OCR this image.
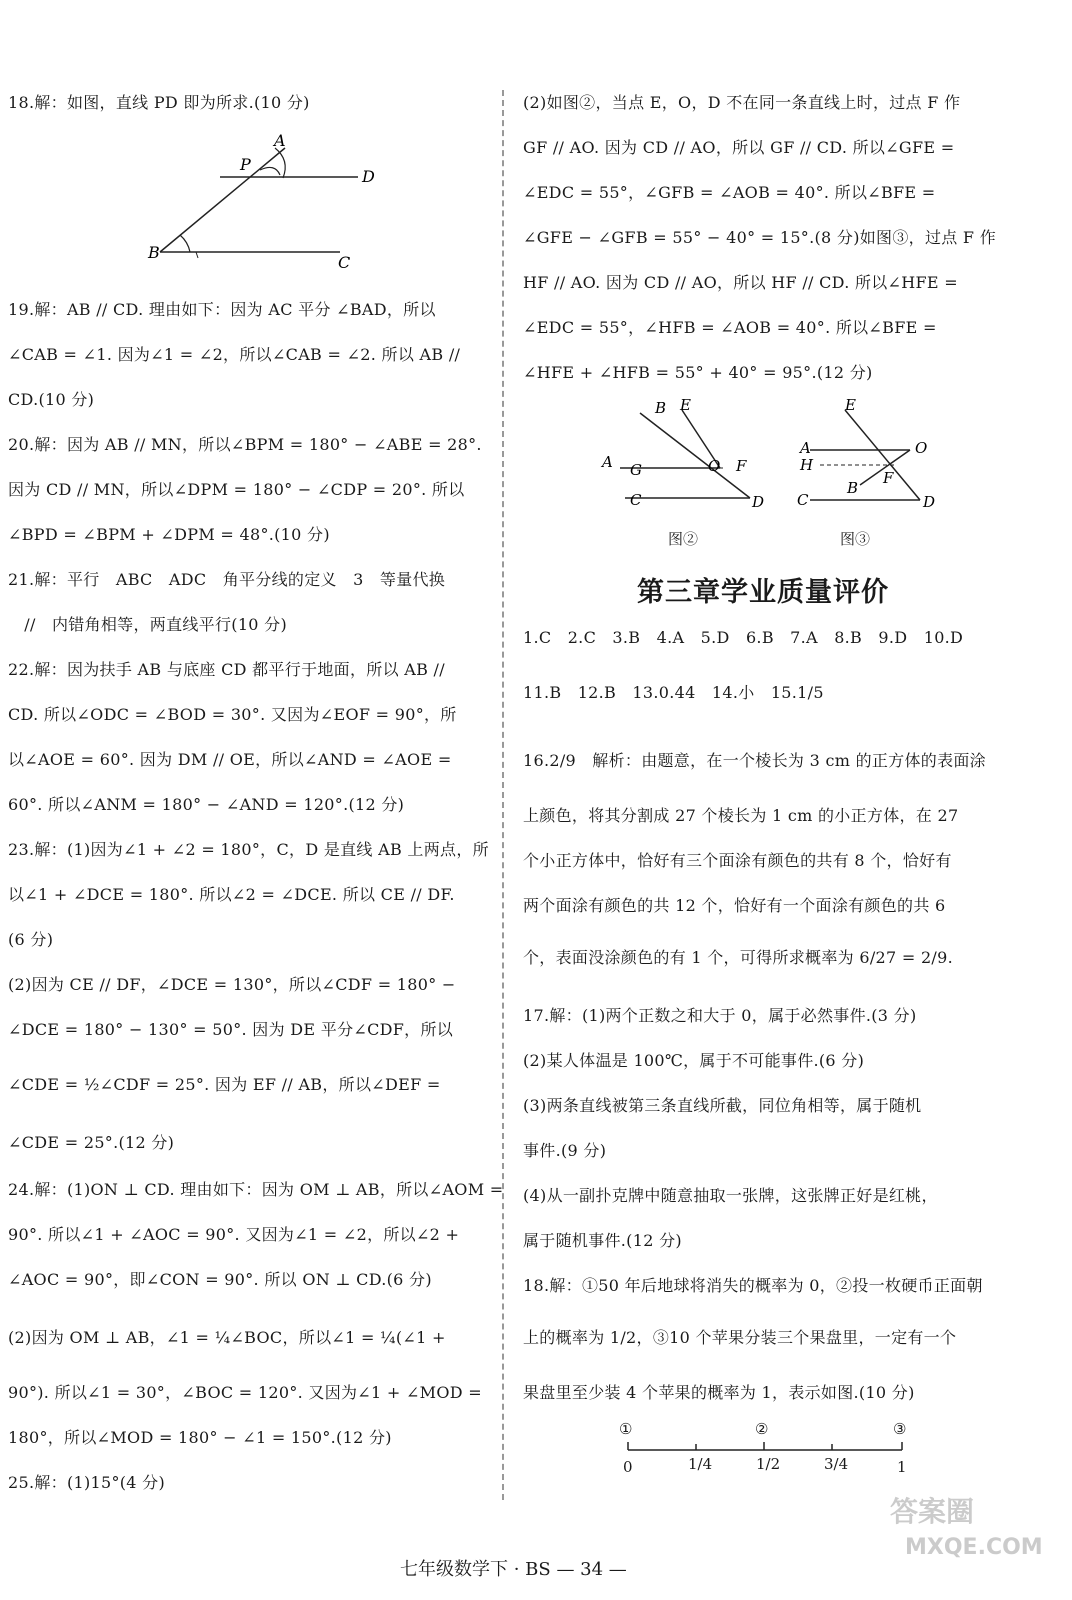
18.解：如图，直线 PD 即为所求.(10 分)
19.解：AB // CD. 理由如下：因为 AC 平分 ∠BAD，所以
∠CAB = ∠1. 因为∠1 = ∠2，所以∠CAB = ∠2. 所以 AB //
CD.(10 分)
20.解：因为 AB // MN，所以∠BPM = 180° − ∠ABE = 28°.
因为 CD // MN，所以∠DPM = 180° − ∠CDP = 20°. 所以
∠BPD = ∠BPM + ∠DPM = 48°.(10 分)
21.解：平行　ABC　ADC　角平分线的定义　3　等量代换
　//　内错角相等，两直线平行(10 分)
22.解：因为扶手 AB 与底座 CD 都平行于地面，所以 AB //
CD. 所以∠ODC = ∠BOD = 30°. 又因为∠EOF = 90°，所
以∠AOE = 60°. 因为 DM // OE，所以∠AND = ∠AOE =
60°. 所以∠ANM = 180° − ∠AND = 120°.(12 分)
23.解：(1)因为∠1 + ∠2 = 180°，C，D 是直线 AB 上两点，所
以∠1 + ∠DCE = 180°. 所以∠2 = ∠DCE. 所以 CE // DF.
(6 分)
(2)因为 CE // DF，∠DCE = 130°，所以∠CDF = 180° −
∠DCE = 180° − 130° = 50°. 因为 DE 平分∠CDF，所以
∠CDE = ½∠CDF = 25°. 因为 EF // AB，所以∠DEF =
∠CDE = 25°.(12 分)
24.解：(1)ON ⊥ CD. 理由如下：因为 OM ⊥ AB，所以∠AOM =
90°. 所以∠1 + ∠AOC = 90°. 又因为∠1 = ∠2，所以∠2 +
∠AOC = 90°，即∠CON = 90°. 所以 ON ⊥ CD.(6 分)
(2)因为 OM ⊥ AB，∠1 = ¼∠BOC，所以∠1 = ¼(∠1 +
90°). 所以∠1 = 30°，∠BOC = 120°. 又因为∠1 + ∠MOD =
180°，所以∠MOD = 180° − ∠1 = 150°.(12 分)
25.解：(1)15°(4 分)
(2)如图②，当点 E，O，D 不在同一条直线上时，过点 F 作
GF // AO. 因为 CD // AO，所以 GF // CD. 所以∠GFE =
∠EDC = 55°，∠GFB = ∠AOB = 40°. 所以∠BFE =
∠GFE − ∠GFB = 55° − 40° = 15°.(8 分)如图③，过点 F 作
HF // AO. 因为 CD // AO，所以 HF // CD. 所以∠HFE =
∠EDC = 55°，∠HFB = ∠AOB = 40°. 所以∠BFE =
∠HFE + ∠HFB = 55° + 40° = 95°.(12 分)
1.C　2.C　3.B　4.A　5.D　6.B　7.A　8.B　9.D　10.D
11.B　12.B　13.0.44　14.小　15.1/5
16.2/9　解析：由题意，在一个棱长为 3 cm 的正方体的表面涂
上颜色，将其分割成 27 个棱长为 1 cm 的小正方体，在 27
个小正方体中，恰好有三个面涂有颜色的共有 8 个，恰好有
两个面涂有颜色的共 12 个，恰好有一个面涂有颜色的共 6
个，表面没涂颜色的有 1 个，可得所求概率为 6/27 = 2/9.
17.解：(1)两个正数之和大于 0，属于必然事件.(3 分)
(2)某人体温是 100℃，属于不可能事件.(6 分)
(3)两条直线被第三条直线所截，同位角相等，属于随机
事件.(9 分)
(4)从一副扑克牌中随意抽取一张牌，这张牌正好是红桃，
属于随机事件.(12 分)
18.解：①50 年后地球将消失的概率为 0，②投一枚硬币正面朝
上的概率为 1/2，③10 个苹果分装三个果盘里，一定有一个
果盘里至少装 4 个苹果的概率为 1，表示如图.(10 分)
B
C
D
P
A
B E
A G	O F
C	D
图②
E
A	O
H
F
B
C	D
图③
第三章学业质量评价
①	②	③
0	1/4	1/2	3/4	1
七年级数学下 · BS — 34 —
答案圈
MXQE.COM
